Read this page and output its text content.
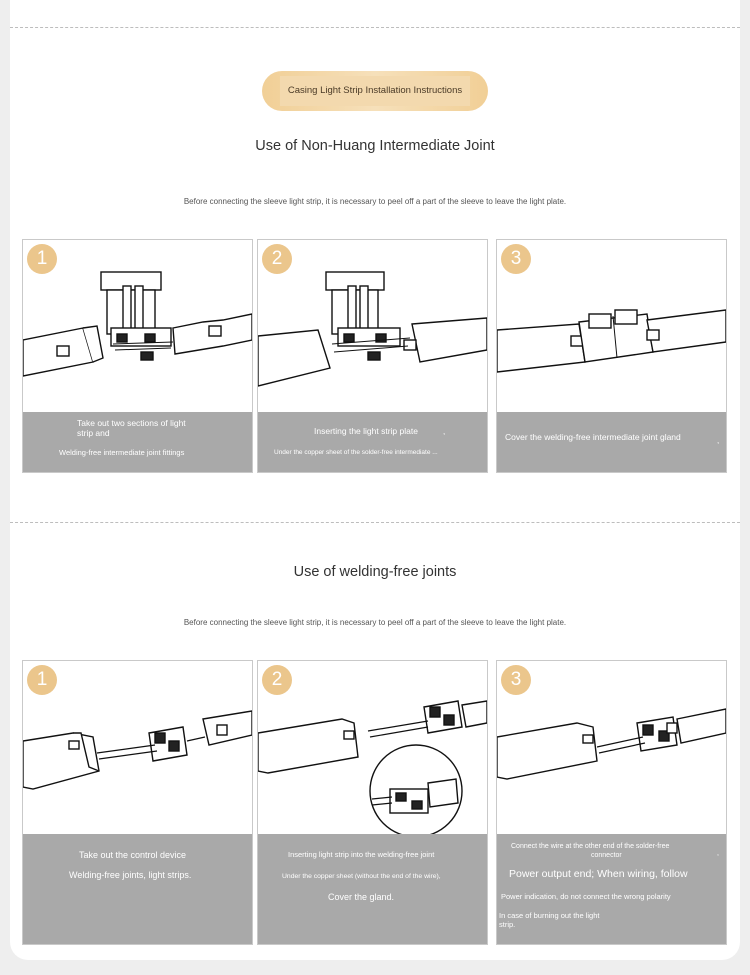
Casing Light Strip Installation Instructions
Use of Non-Huang Intermediate Joint
Before connecting the sleeve light strip, it is necessary to peel off a part of the sleeve to leave the light plate.
1
Take out two sections of light
strip and
Welding-free intermediate joint fittings
2
Inserting the light strip plate	,
Under the copper sheet of the solder-free intermediate ...
3
Cover the welding-free intermediate joint gland	,
Use of welding-free joints
Before connecting the sleeve light strip, it is necessary to peel off a part of the sleeve to leave the light plate.
1
Take out the control device
Welding-free joints, light strips.
2
Inserting light strip into the welding-free joint
Under the copper sheet (without the end of the wire),
Cover the gland.
3
Connect the wire at the other end of the solder-free
connector	,
Power output end; When wiring, follow
Power indication, do not connect the wrong polarity
In case of burning out the light
strip.
